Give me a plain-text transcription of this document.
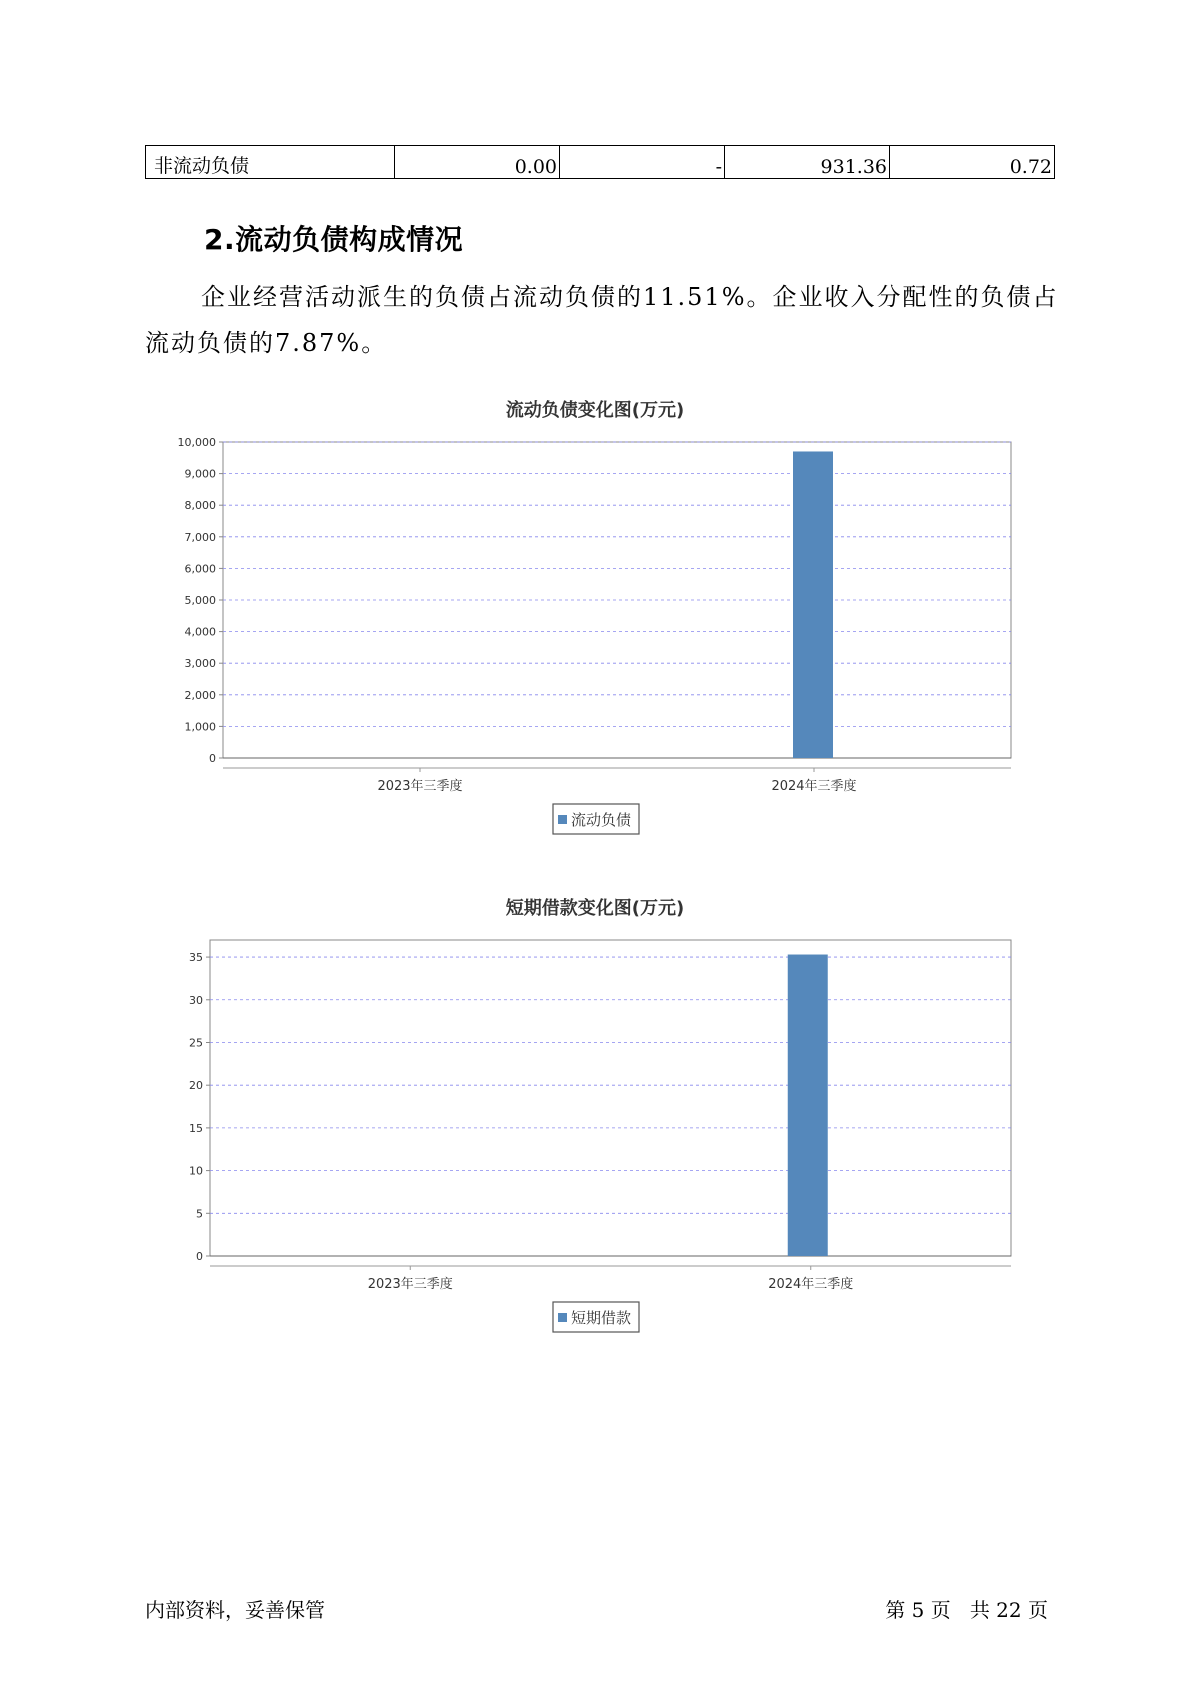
非流动负债	0.00	-	931.36	0.72
2.流动负债构成情况
企业经营活动派生的负债占流动负债的11.51%。企业收入分配性的负债占流动负债的7.87%。
流动负债变化图(万元)
0
1,000
2,000
3,000
4,000
5,000
6,000
7,000
8,000
9,000
10,000
2023年三季度	2024年三季度
流动负债
短期借款变化图(万元)
0
5
10
15
20
25
30
35
2023年三季度	2024年三季度
短期借款
内部资料，妥善保管	第 5 页   共 22 页
